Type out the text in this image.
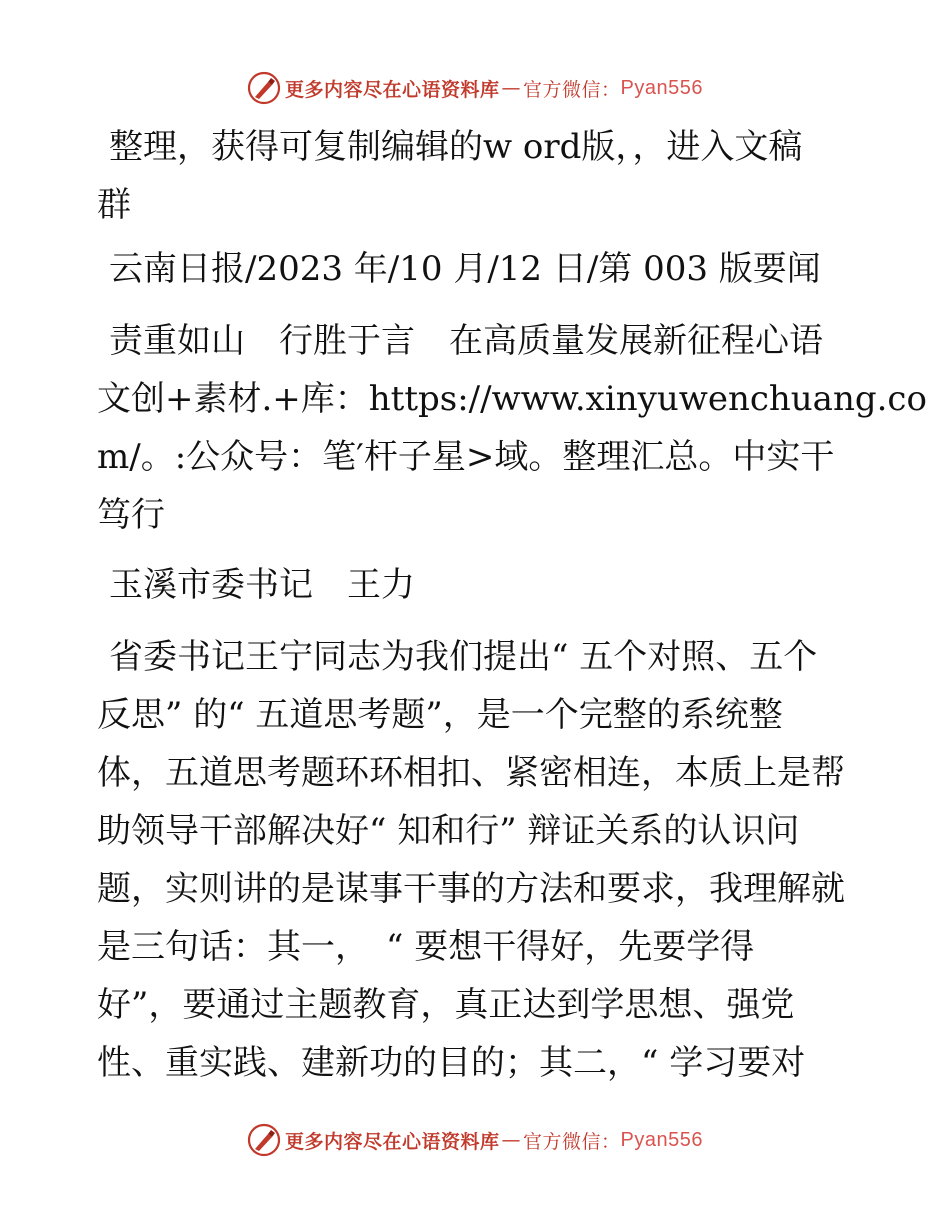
更多内容尽在心语资料库 — 官方微信： Pyan556

整理，获得可复制编辑的w ord版，，进入文稿
群

云南日报/2023 年/10 月/12 日/第 003 版要闻

责重如山　行胜于言　在高质量发展新征程心语
文创+素材.+库：https://www.xinyuwenchuang.co
m/。:公众号：笔′杆子星>域。整理汇总。中实干
笃行

玉溪市委书记　王力

省委书记王宁同志为我们提出“ 五个对照、五个
反思” 的“ 五道思考题”，是一个完整的系统整
体，五道思考题环环相扣、紧密相连，本质上是帮
助领导干部解决好“ 知和行” 辩证关系的认识问
题，实则讲的是谋事干事的方法和要求，我理解就
是三句话：其一，　“ 要想干得好，先要学得
好”，要通过主题教育，真正达到学思想、强党
性、重实践、建新功的目的；其二，“ 学习要对

更多内容尽在心语资料库 — 官方微信： Pyan556
